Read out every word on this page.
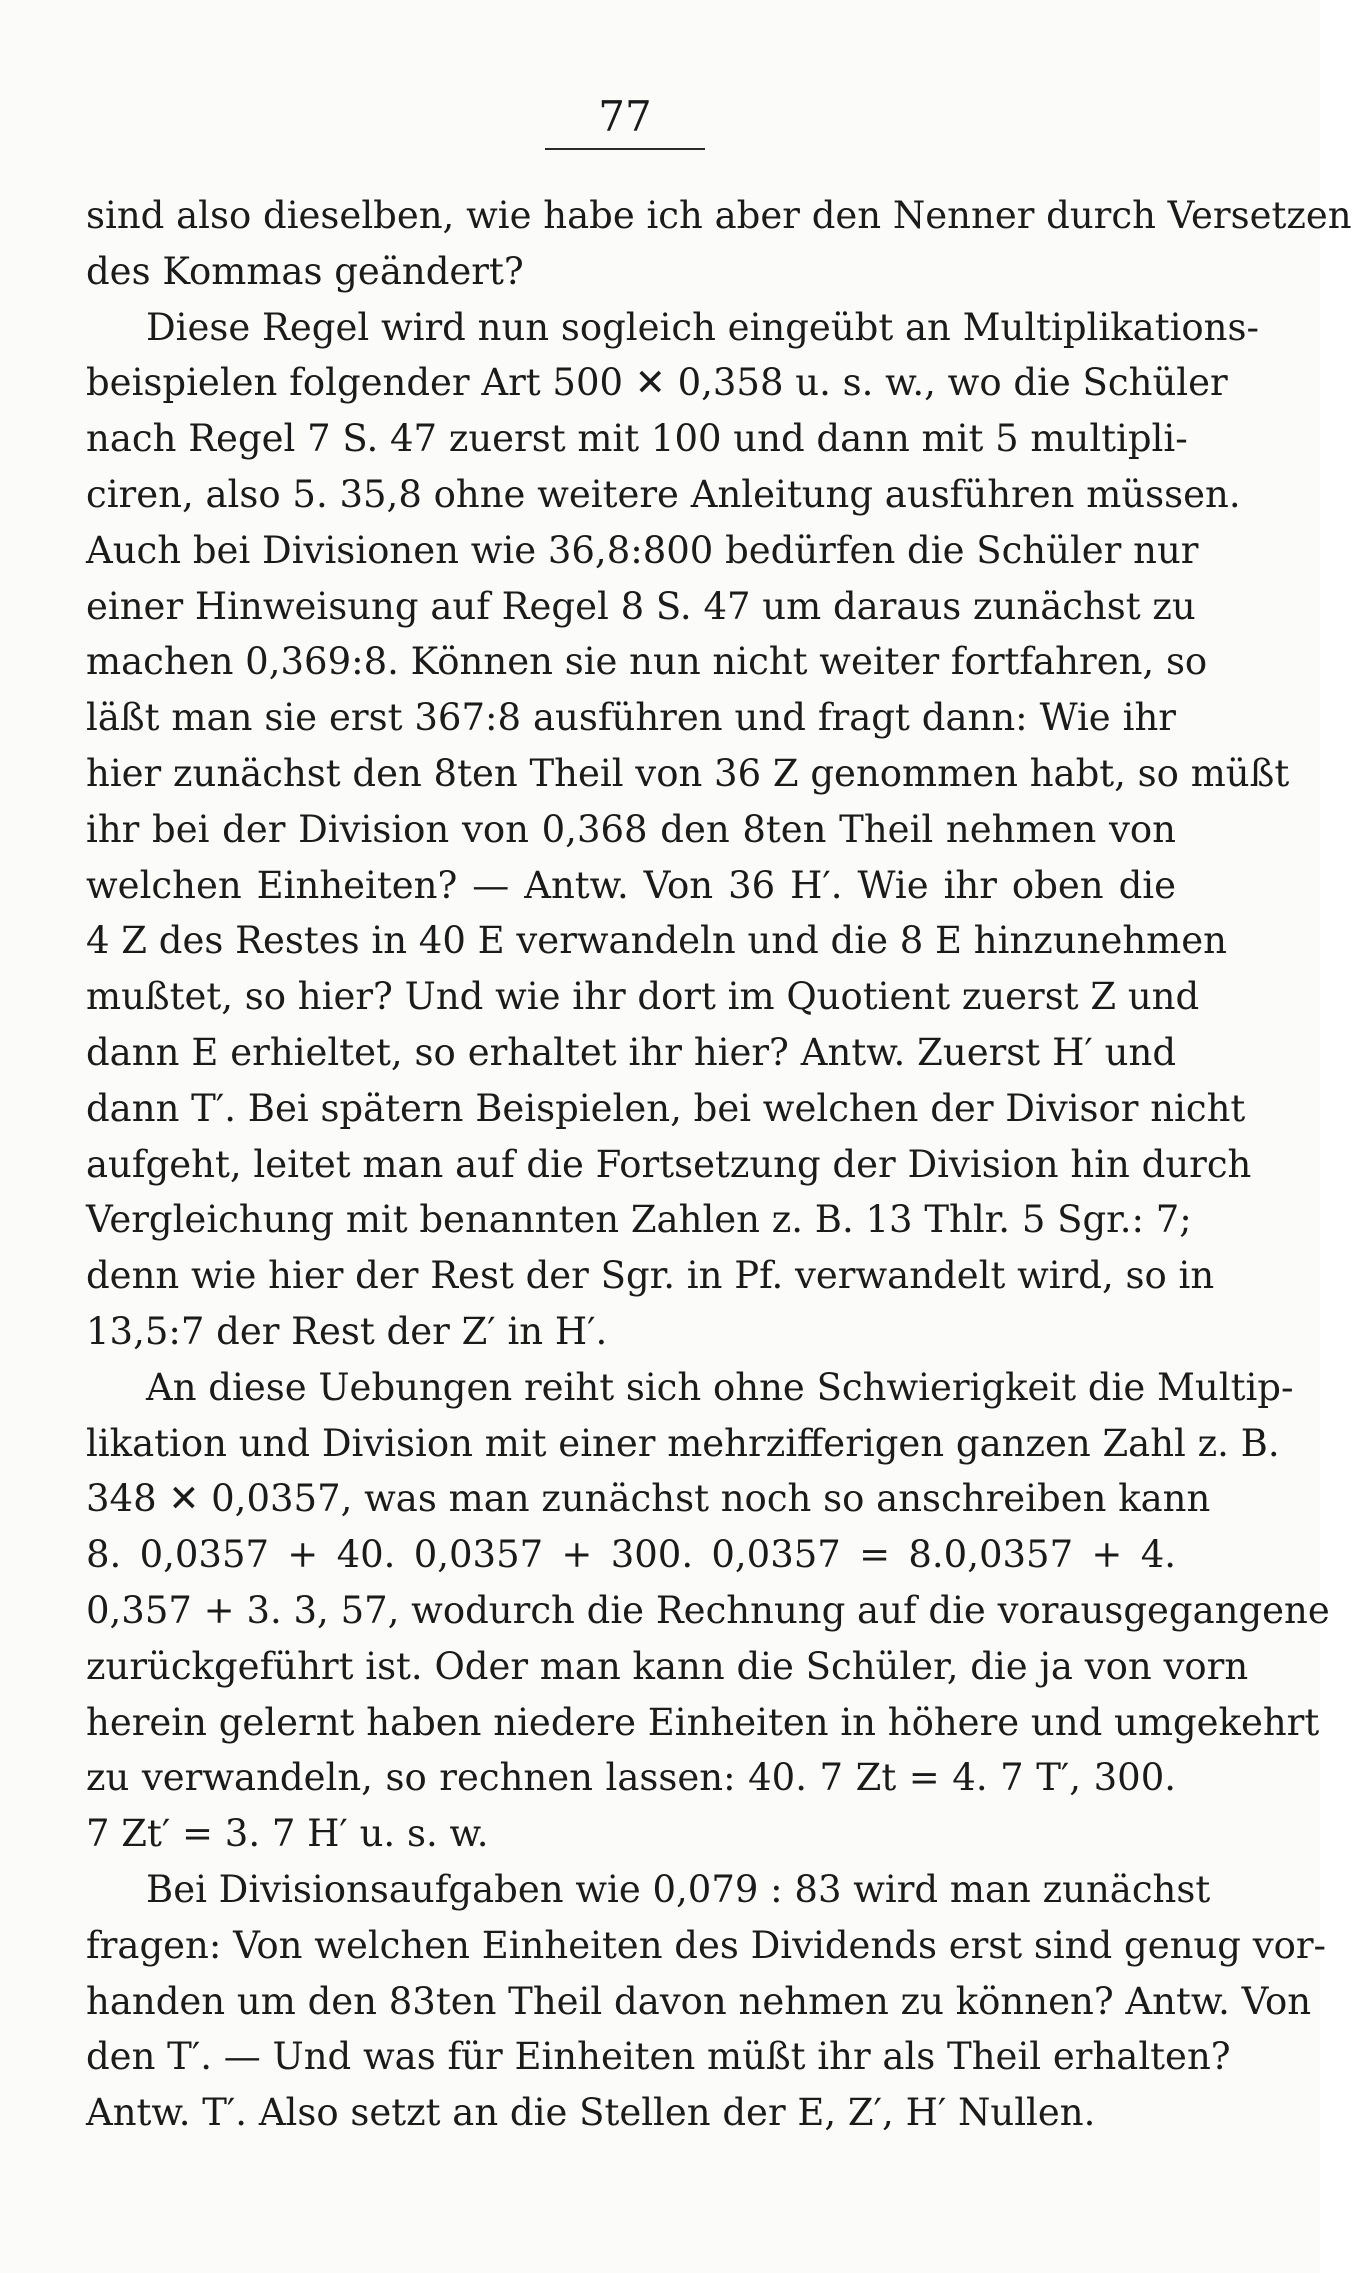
77
sind also dieselben, wie habe ich aber den Nenner durch Versetzen
des Kommas geändert?
Diese Regel wird nun sogleich eingeübt an Multiplikations-
beispielen folgender Art 500 ✕ 0,358 u. s. w., wo die Schüler
nach Regel 7 S. 47 zuerst mit 100 und dann mit 5 multipli-
ciren, also 5. 35,8 ohne weitere Anleitung ausführen müssen.
Auch bei Divisionen wie 36,8:800 bedürfen die Schüler nur
einer Hinweisung auf Regel 8 S. 47 um daraus zunächst zu
machen 0,369:8. Können sie nun nicht weiter fortfahren, so
läßt man sie erst 367:8 ausführen und fragt dann: Wie ihr
hier zunächst den 8ten Theil von 36 Z genommen habt, so müßt
ihr bei der Division von 0,368 den 8ten Theil nehmen von
welchen Einheiten? — Antw. Von 36 H′. Wie ihr oben die
4 Z des Restes in 40 E verwandeln und die 8 E hinzunehmen
mußtet, so hier? Und wie ihr dort im Quotient zuerst Z und
dann E erhieltet, so erhaltet ihr hier? Antw. Zuerst H′ und
dann T′. Bei spätern Beispielen, bei welchen der Divisor nicht
aufgeht, leitet man auf die Fortsetzung der Division hin durch
Vergleichung mit benannten Zahlen z. B. 13 Thlr. 5 Sgr.: 7;
denn wie hier der Rest der Sgr. in Pf. verwandelt wird, so in
13,5:7 der Rest der Z′ in H′.
An diese Uebungen reiht sich ohne Schwierigkeit die Multip-
likation und Division mit einer mehrzifferigen ganzen Zahl z. B.
348 ✕ 0,0357, was man zunächst noch so anschreiben kann
8. 0,0357 + 40. 0,0357 + 300. 0,0357 = 8.0,0357 + 4.
0,357 + 3. 3, 57, wodurch die Rechnung auf die vorausgegangene
zurückgeführt ist. Oder man kann die Schüler, die ja von vorn
herein gelernt haben niedere Einheiten in höhere und umgekehrt
zu verwandeln, so rechnen lassen: 40. 7 Zt = 4. 7 T′, 300.
7 Zt′ = 3. 7 H′ u. s. w.
Bei Divisionsaufgaben wie 0,079 : 83 wird man zunächst
fragen: Von welchen Einheiten des Dividends erst sind genug vor-
handen um den 83ten Theil davon nehmen zu können? Antw. Von
den T′. — Und was für Einheiten müßt ihr als Theil erhalten?
Antw. T′. Also setzt an die Stellen der E, Z′, H′ Nullen.
